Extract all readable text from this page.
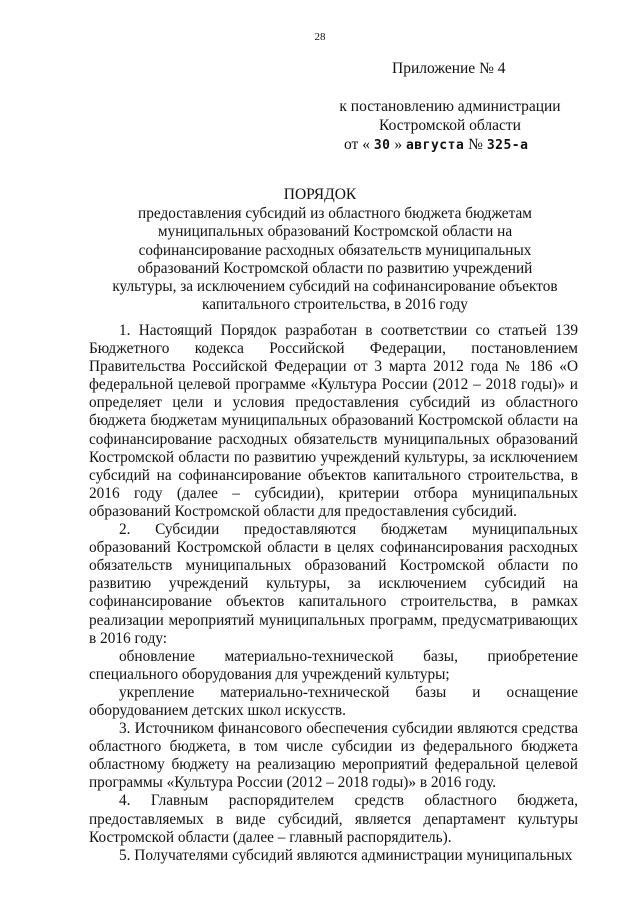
28
Приложение № 4
к постановлению администрации Костромской области
от « 30 » августа № 325-а
ПОРЯДОК
предоставления субсидий из областного бюджета бюджетам муниципальных образований Костромской области на софинансирование расходных обязательств муниципальных образований Костромской области по развитию учреждений культуры, за исключением субсидий на софинансирование объектов капитального строительства, в 2016 году

1. Настоящий Порядок разработан в соответствии со статьей 139 Бюджетного кодекса Российской Федерации, постановлением Правительства Российской Федерации от 3 марта 2012 года № 186 «О федеральной целевой программе «Культура России (2012 – 2018 годы)» и определяет цели и условия предоставления субсидий из областного бюджета бюджетам муниципальных образований Костромской области на софинансирование расходных обязательств муниципальных образований Костромской области по развитию учреждений культуры, за исключением субсидий на софинансирование объектов капитального строительства, в 2016 году (далее – субсидии), критерии отбора муниципальных образований Костромской области для предоставления субсидий.

2. Субсидии предоставляются бюджетам муниципальных образований Костромской области в целях софинансирования расходных обязательств муниципальных образований Костромской области по развитию учреждений культуры, за исключением субсидий на софинансирование объектов капитального строительства, в рамках реализации мероприятий муниципальных программ, предусматривающих в 2016 году:

обновление материально-технической базы, приобретение специального оборудования для учреждений культуры;

укрепление материально-технической базы и оснащение оборудованием детских школ искусств.

3. Источником финансового обеспечения субсидии являются средства областного бюджета, в том числе субсидии из федерального бюджета областному бюджету на реализацию мероприятий федеральной целевой программы «Культура России (2012 – 2018 годы)» в 2016 году.

4. Главным распорядителем средств областного бюджета, предоставляемых в виде субсидий, является департамент культуры Костромской области (далее – главный распорядитель).

5. Получателями субсидий являются администрации муниципальных
